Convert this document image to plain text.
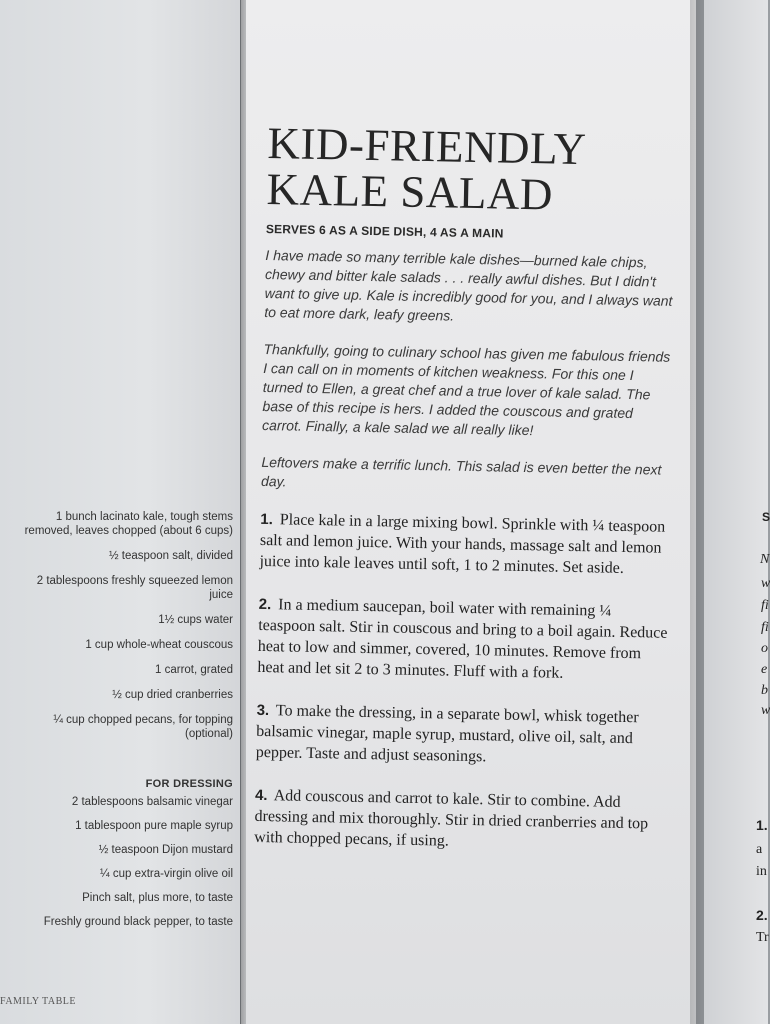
S
N
w
fi
fi
o
e
b
w
1.
a
in
2.
Tr
1 bunch lacinato kale, tough stems removed, leaves chopped (about 6 cups)
½ teaspoon salt, divided
2 tablespoons freshly squeezed lemon juice
1½ cups water
1 cup whole-wheat couscous
1 carrot, grated
½ cup dried cranberries
¼ cup chopped pecans, for topping (optional)
FOR DRESSING
2 tablespoons balsamic vinegar
1 tablespoon pure maple syrup
½ teaspoon Dijon mustard
¼ cup extra-virgin olive oil
Pinch salt, plus more, to taste
Freshly ground black pepper, to taste
FAMILY TABLE
KID-FRIENDLY
KALE SALAD
SERVES 6 AS A SIDE DISH, 4 AS A MAIN

I have made so many terrible kale dishes—burned kale chips, chewy and bitter kale salads . . . really awful dishes. But I didn't want to give up. Kale is incredibly good for you, and I always want to eat more dark, leafy greens.

Thankfully, going to culinary school has given me fabulous friends I can call on in moments of kitchen weakness. For this one I turned to Ellen, a great chef and a true lover of kale salad. The base of this recipe is hers. I added the couscous and grated carrot. Finally, a kale salad we all really like!

Leftovers make a terrific lunch. This salad is even better the next day.

1. Place kale in a large mixing bowl. Sprinkle with ¼ teaspoon salt and lemon juice. With your hands, massage salt and lemon juice into kale leaves until soft, 1 to 2 minutes. Set aside.
2. In a medium saucepan, boil water with remaining ¼ teaspoon salt. Stir in couscous and bring to a boil again. Reduce heat to low and simmer, covered, 10 minutes. Remove from heat and let sit 2 to 3 minutes. Fluff with a fork.
3. To make the dressing, in a separate bowl, whisk together balsamic vinegar, maple syrup, mustard, olive oil, salt, and pepper. Taste and adjust seasonings.
4. Add couscous and carrot to kale. Stir to combine. Add dressing and mix thoroughly. Stir in dried cranberries and top with chopped pecans, if using.
